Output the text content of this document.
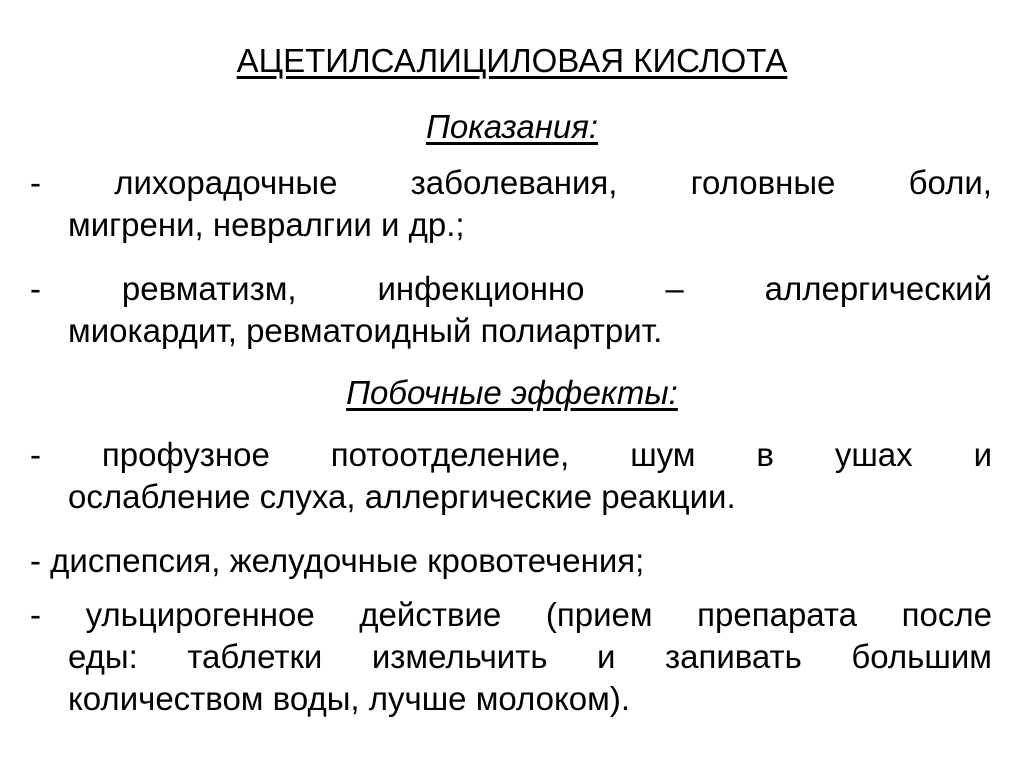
АЦЕТИЛСАЛИЦИЛОВАЯ КИСЛОТА
Показания:
- лихорадочные заболевания, головные боли,
мигрени, невралгии и др.;
- ревматизм, инфекционно – аллергический
миокардит, ревматоидный полиартрит.
Побочные эффекты:
- профузное потоотделение, шум в ушах и
ослабление слуха, аллергические реакции.
- диспепсия, желудочные кровотечения;
- ульцирогенное действие (прием препарата после
еды: таблетки измельчить и запивать большим
количеством воды, лучше молоком).
